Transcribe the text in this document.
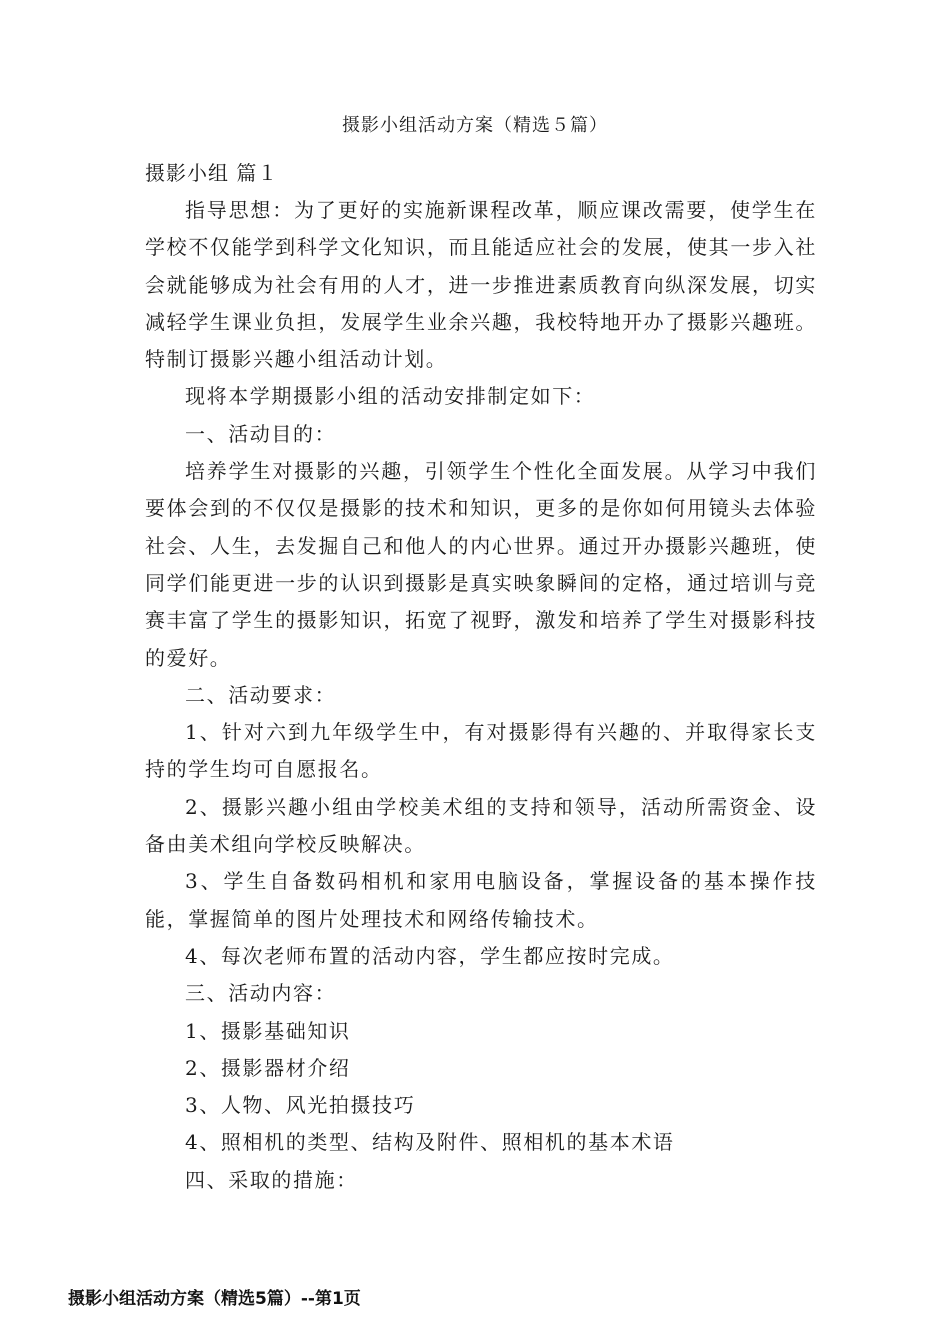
摄影小组活动方案（精选５篇）

摄影小组 篇１

指导思想：为了更好的实施新课程改革，顺应课改需要，使学生在学校不仅能学到科学文化知识，而且能适应社会的发展，使其一步入社会就能够成为社会有用的人才，进一步推进素质教育向纵深发展，切实减轻学生课业负担，发展学生业余兴趣，我校特地开办了摄影兴趣班。特制订摄影兴趣小组活动计划。

现将本学期摄影小组的活动安排制定如下：

一、活动目的：

培养学生对摄影的兴趣，引领学生个性化全面发展。从学习中我们要体会到的不仅仅是摄影的技术和知识，更多的是你如何用镜头去体验社会、人生，去发掘自己和他人的内心世界。通过开办摄影兴趣班，使同学们能更进一步的认识到摄影是真实映象瞬间的定格，通过培训与竞赛丰富了学生的摄影知识，拓宽了视野，激发和培养了学生对摄影科技的爱好。

二、活动要求：

1、针对六到九年级学生中，有对摄影得有兴趣的、并取得家长支持的学生均可自愿报名。

2、摄影兴趣小组由学校美术组的支持和领导，活动所需资金、设备由美术组向学校反映解决。

3、学生自备数码相机和家用电脑设备，掌握设备的基本操作技能，掌握简单的图片处理技术和网络传输技术。

4、每次老师布置的活动内容，学生都应按时完成。

三、活动内容：

1、摄影基础知识

2、摄影器材介绍

3、人物、风光拍摄技巧

4、照相机的类型、结构及附件、照相机的基本术语

四、采取的措施：

摄影小组活动方案（精选5篇）--第1页
